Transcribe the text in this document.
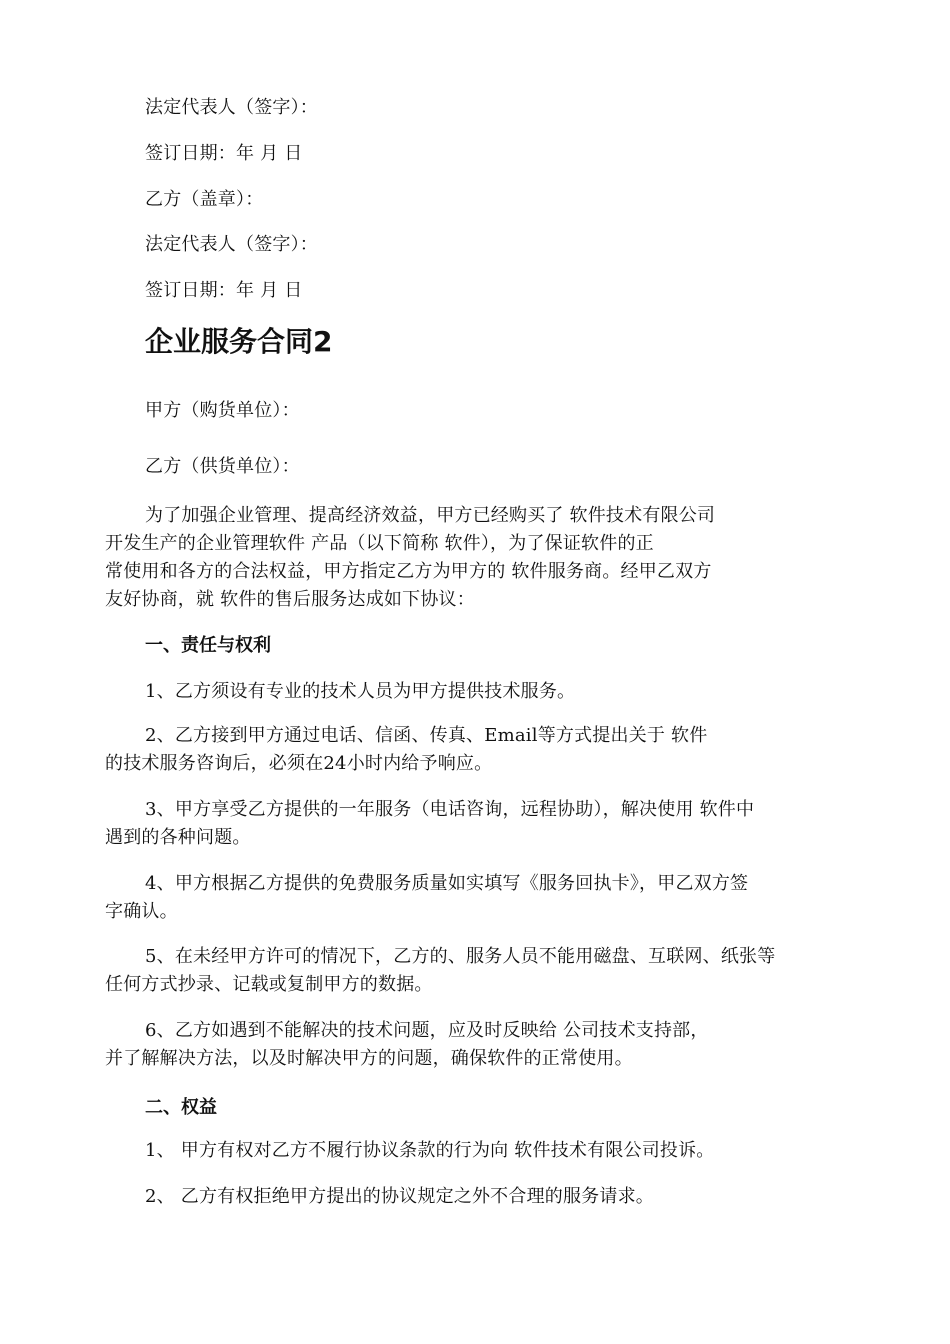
法定代表人（签字）：
签订日期：年 月 日
乙方（盖章）：
法定代表人（签字）：
签订日期：年 月 日
企业服务合同2
甲方（购货单位）：
乙方（供货单位）：
为了加强企业管理、提高经济效益，甲方已经购买了 软件技术有限公司
开发生产的企业管理软件 产品（以下简称 软件），为了保证软件的正
常使用和各方的合法权益，甲方指定乙方为甲方的 软件服务商。经甲乙双方
友好协商，就 软件的售后服务达成如下协议：
一、责任与权利
1、乙方须设有专业的技术人员为甲方提供技术服务。
2、乙方接到甲方通过电话、信函、传真、Email等方式提出关于 软件
的技术服务咨询后，必须在24小时内给予响应。
3、甲方享受乙方提供的一年服务（电话咨询，远程协助），解决使用 软件中
遇到的各种问题。
4、甲方根据乙方提供的免费服务质量如实填写《服务回执卡》，甲乙双方签
字确认。
5、在未经甲方许可的情况下，乙方的、服务人员不能用磁盘、互联网、纸张等
任何方式抄录、记载或复制甲方的数据。
6、乙方如遇到不能解决的技术问题，应及时反映给 公司技术支持部，
并了解解决方法，以及时解决甲方的问题，确保软件的正常使用。
二、权益
1、 甲方有权对乙方不履行协议条款的行为向 软件技术有限公司投诉。
2、 乙方有权拒绝甲方提出的协议规定之外不合理的服务请求。
